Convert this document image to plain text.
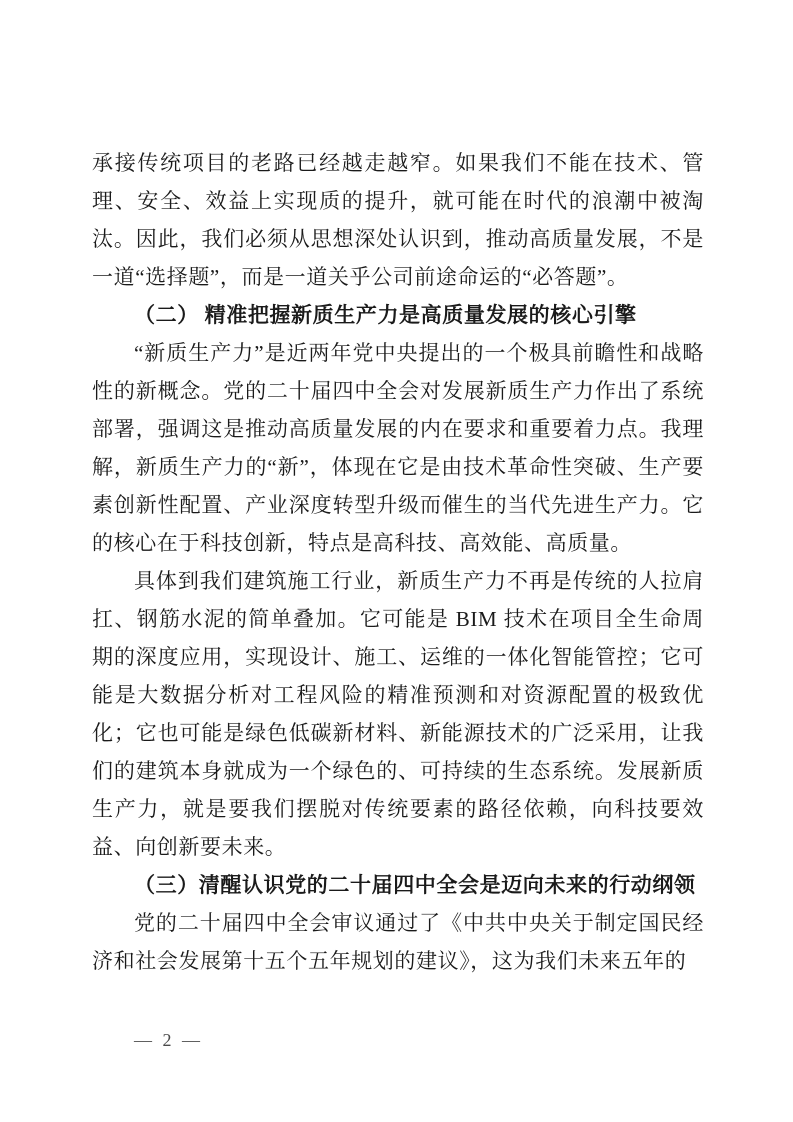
承接传统项目的老路已经越走越窄。如果我们不能在技术、管理、安全、效益上实现质的提升，就可能在时代的浪潮中被淘汰。因此，我们必须从思想深处认识到，推动高质量发展，不是一道“选择题”，而是一道关乎公司前途命运的“必答题”。

（二） 精准把握新质生产力是高质量发展的核心引擎

“新质生产力”是近两年党中央提出的一个极具前瞻性和战略性的新概念。党的二十届四中全会对发展新质生产力作出了系统部署，强调这是推动高质量发展的内在要求和重要着力点。我理解，新质生产力的“新”，体现在它是由技术革命性突破、生产要素创新性配置、产业深度转型升级而催生的当代先进生产力。它的核心在于科技创新，特点是高科技、高效能、高质量。

具体到我们建筑施工行业，新质生产力不再是传统的人拉肩扛、钢筋水泥的简单叠加。它可能是 BIM 技术在项目全生命周期的深度应用，实现设计、施工、运维的一体化智能管控；它可能是大数据分析对工程风险的精准预测和对资源配置的极致优化；它也可能是绿色低碳新材料、新能源技术的广泛采用，让我们的建筑本身就成为一个绿色的、可持续的生态系统。发展新质生产力，就是要我们摆脱对传统要素的路径依赖，向科技要效益、向创新要未来。

（三）清醒认识党的二十届四中全会是迈向未来的行动纲领

党的二十届四中全会审议通过了《中共中央关于制定国民经济和社会发展第十五个五年规划的建议》，这为我们未来五年的

— 2 —
